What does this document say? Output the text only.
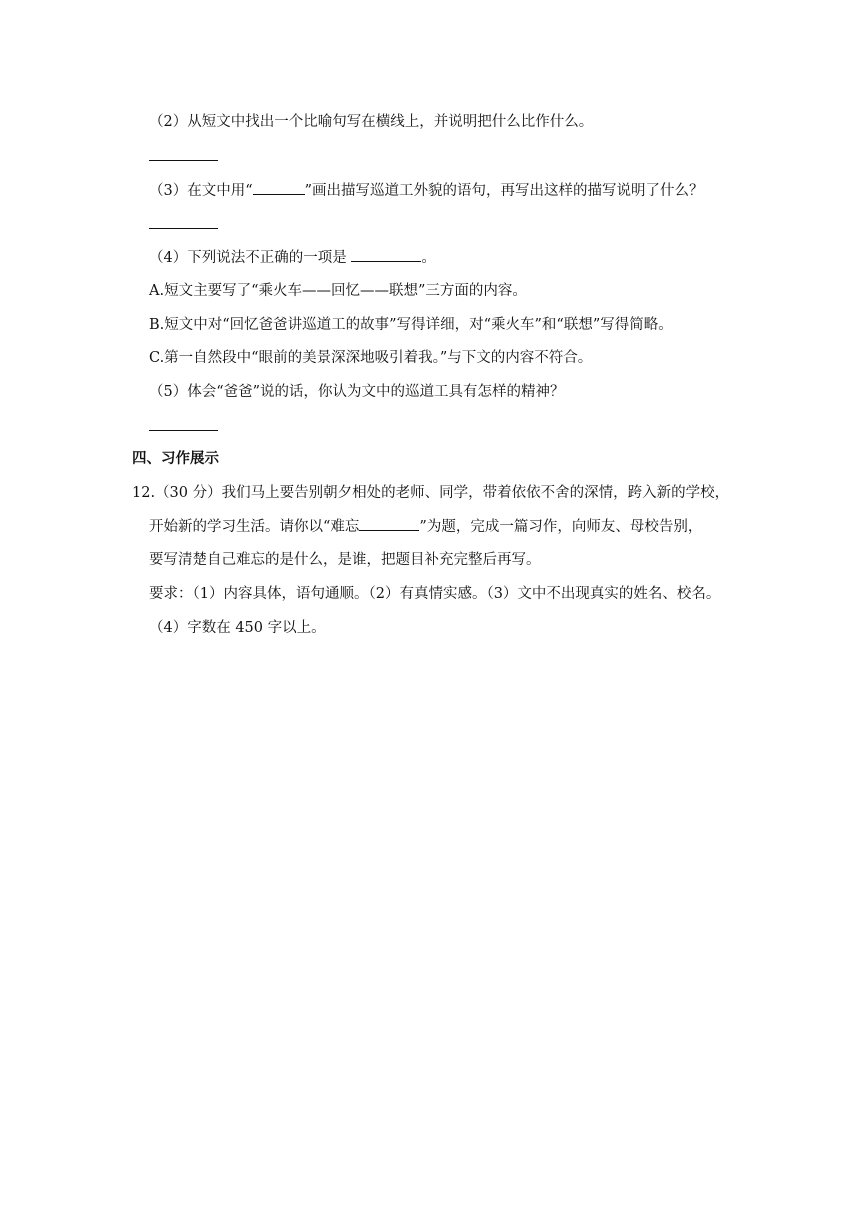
（2）从短文中找出一个比喻句写在横线上，并说明把什么比作什么。
（3）在文中用“	”画出描写巡道工外貌的语句，再写出这样的描写说明了什么？
（4）下列说法不正确的一项是	。
A.短文主要写了“乘火车——回忆——联想”三方面的内容。
B.短文中对“回忆爸爸讲巡道工的故事”写得详细，对“乘火车”和“联想”写得简略。
C.第一自然段中“眼前的美景深深地吸引着我。”与下文的内容不符合。
（5）体会“爸爸”说的话，你认为文中的巡道工具有怎样的精神？
四、习作展示
12.（30 分）我们马上要告别朝夕相处的老师、同学，带着依依不舍的深情，跨入新的学校，
开始新的学习生活。请你以“难忘	”为题，完成一篇习作，向师友、母校告别，
要写清楚自己难忘的是什么，是谁，把题目补充完整后再写。
要求：（1）内容具体，语句通顺。（2）有真情实感。（3）文中不出现真实的姓名、校名。
（4）字数在 450 字以上。
